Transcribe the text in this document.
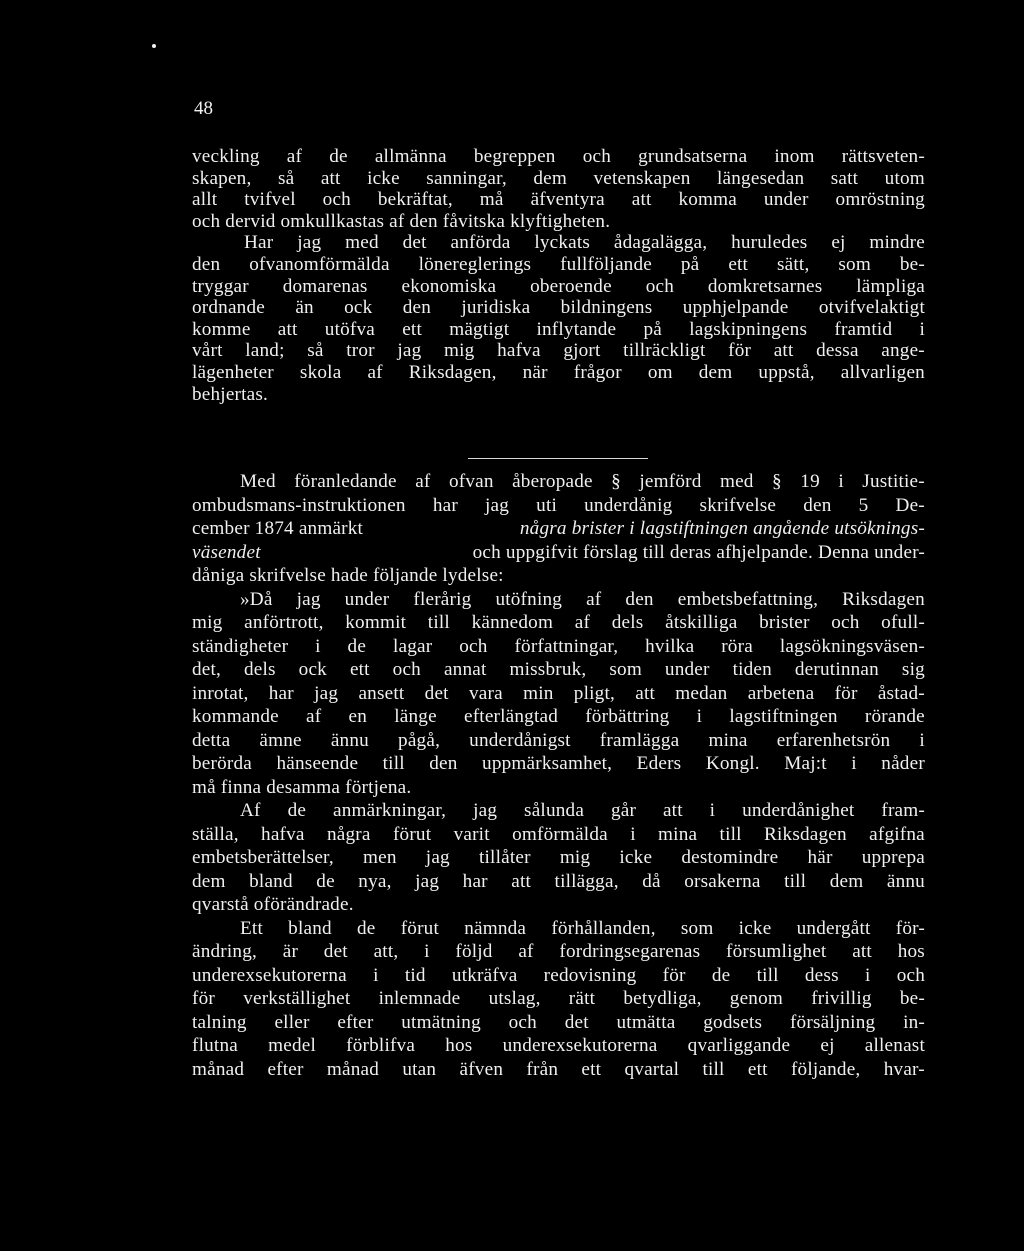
48
veckling af de allmänna begreppen och grundsatserna inom rättsveten-
skapen, så att icke sanningar, dem vetenskapen längesedan satt utom
allt tvifvel och bekräftat, må äfventyra att komma under omröstning
och dervid omkullkastas af den fåvitska klyftigheten.
Har jag med det anförda lyckats ådagalägga, huruledes ej mindre
den ofvanomförmälda lönereglerings fullföljande på ett sätt, som be-
tryggar domarenas ekonomiska oberoende och domkretsarnes lämpliga
ordnande än ock den juridiska bildningens upphjelpande otvifvelaktigt
komme att utöfva ett mägtigt inflytande på lagskipningens framtid i
vårt land; så tror jag mig hafva gjort tillräckligt för att dessa ange-
lägenheter skola af Riksdagen, när frågor om dem uppstå, allvarligen
behjertas.
Med föranledande af ofvan åberopade § jemförd med § 19 i Justitie-
ombudsmans-instruktionen har jag uti underdånig skrifvelse den 5 De-
cember 1874 anmärkt	några brister i lagstiftningen angående utsöknings-
väsendet	och uppgifvit förslag till deras afhjelpande. Denna under-
dåniga skrifvelse hade följande lydelse:
»Då jag under flerårig utöfning af den embetsbefattning, Riksdagen
mig anförtrott, kommit till kännedom af dels åtskilliga brister och ofull-
ständigheter i de lagar och författningar, hvilka röra lagsökningsväsen-
det, dels ock ett och annat missbruk, som under tiden derutinnan sig
inrotat, har jag ansett det vara min pligt, att medan arbetena för åstad-
kommande af en länge efterlängtad förbättring i lagstiftningen rörande
detta ämne ännu pågå, underdånigst framlägga mina erfarenhetsrön i
berörda hänseende till den uppmärksamhet, Eders Kongl. Maj:t i nåder
må finna desamma förtjena.
Af de anmärkningar, jag sålunda går att i underdånighet fram-
ställa, hafva några förut varit omförmälda i mina till Riksdagen afgifna
embetsberättelser, men jag tillåter mig icke destomindre här upprepa
dem bland de nya, jag har att tillägga, då orsakerna till dem ännu
qvarstå oförändrade.
Ett bland de förut nämnda förhållanden, som icke undergått för-
ändring, är det att, i följd af fordringsegarenas försumlighet att hos
underexsekutorerna i tid utkräfva redovisning för de till dess i och
för verkställighet inlemnade utslag, rätt betydliga, genom frivillig be-
talning eller efter utmätning och det utmätta godsets försäljning in-
flutna medel förblifva hos underexsekutorerna qvarliggande ej allenast
månad efter månad utan äfven från ett qvartal till ett följande, hvar-
